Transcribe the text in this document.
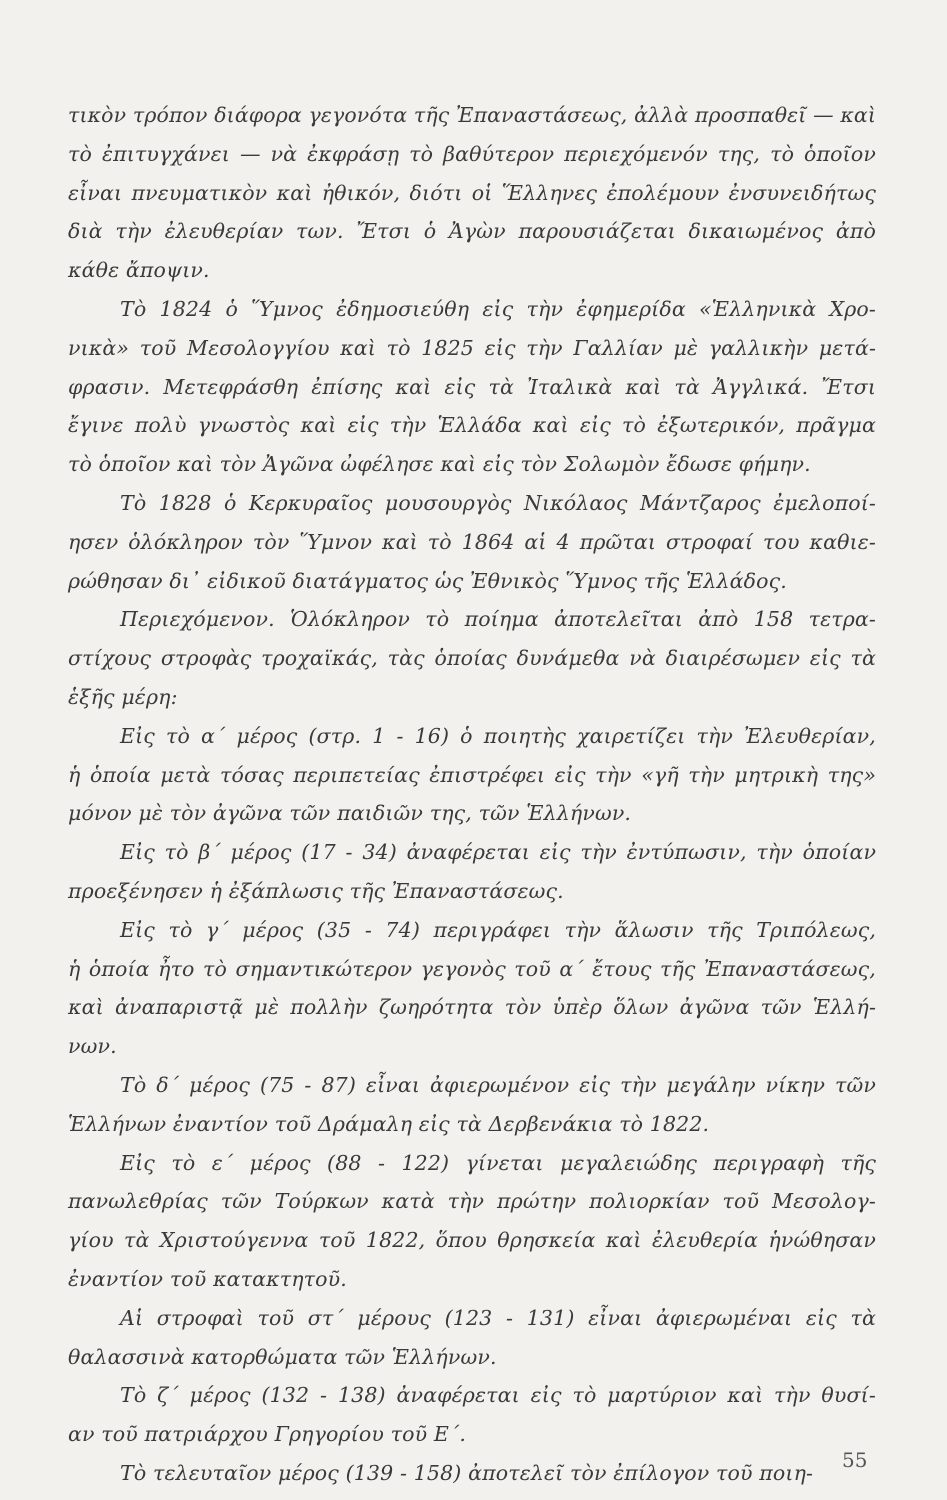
τικὸν τρόπον διάφορα γεγονότα τῆς Ἐπαναστάσεως, ἀλλὰ προσπαθεῖ — καὶ
τὸ ἐπιτυγχάνει — νὰ ἐκφράσῃ τὸ βαθύτερον περιεχόμενόν της, τὸ ὁποῖον
εἶναι πνευματικὸν καὶ ἠθικόν, διότι οἱ Ἕλληνες ἐπολέμουν ἐνσυνειδήτως
διὰ τὴν ἐλευθερίαν των. Ἔτσι ὁ Ἀγὼν παρουσιάζεται δικαιωμένος ἀπὸ
κάθε ἄποψιν.
Τὸ 1824 ὁ Ὕμνος ἐδημοσιεύθη εἰς τὴν ἐφημερίδα «Ἑλληνικὰ Χρο-
νικὰ» τοῦ Μεσολογγίου καὶ τὸ 1825 εἰς τὴν Γαλλίαν μὲ γαλλικὴν μετά-
φρασιν. Μετεφράσθη ἐπίσης καὶ εἰς τὰ Ἰταλικὰ καὶ τὰ Ἀγγλικά. Ἔτσι
ἔγινε πολὺ γνωστὸς καὶ εἰς τὴν Ἑλλάδα καὶ εἰς τὸ ἐξωτερικόν, πρᾶγμα
τὸ ὁποῖον καὶ τὸν Ἀγῶνα ὠφέλησε καὶ εἰς τὸν Σολωμὸν ἔδωσε φήμην.
Τὸ 1828 ὁ Κερκυραῖος μουσουργὸς Νικόλαος Μάντζαρος ἐμελοποί-
ησεν ὁλόκληρον τὸν Ὕμνον καὶ τὸ 1864 αἱ 4 πρῶται στροφαί του καθιε-
ρώθησαν δι᾽ εἰδικοῦ διατάγματος ὡς Ἐθνικὸς Ὕμνος τῆς Ἑλλάδος.
Περιεχόμενον. Ὁλόκληρον τὸ ποίημα ἀποτελεῖται ἀπὸ 158 τετρα-
στίχους στροφὰς τροχαϊκάς, τὰς ὁποίας δυνάμεθα νὰ διαιρέσωμεν εἰς τὰ
ἑξῆς μέρη:
Εἰς τὸ α´ μέρος (στρ. 1 - 16) ὁ ποιητὴς χαιρετίζει τὴν Ἐλευθερίαν,
ἡ ὁποία μετὰ τόσας περιπετείας ἐπιστρέφει εἰς τὴν «γῆ τὴν μητρικὴ της»
μόνον μὲ τὸν ἀγῶνα τῶν παιδιῶν της, τῶν Ἑλλήνων.
Εἰς τὸ β´ μέρος (17 - 34) ἀναφέρεται εἰς τὴν ἐντύπωσιν, τὴν ὁποίαν
προεξένησεν ἡ ἐξάπλωσις τῆς Ἐπαναστάσεως.
Εἰς τὸ γ´ μέρος (35 - 74) περιγράφει τὴν ἅλωσιν τῆς Τριπόλεως,
ἡ ὁποία ἦτο τὸ σημαντικώτερον γεγονὸς τοῦ α´ ἔτους τῆς Ἐπαναστάσεως,
καὶ ἀναπαριστᾷ μὲ πολλὴν ζωηρότητα τὸν ὑπὲρ ὅλων ἀγῶνα τῶν Ἑλλή-
νων.
Τὸ δ´ μέρος (75 - 87) εἶναι ἀφιερωμένον εἰς τὴν μεγάλην νίκην τῶν
Ἑλλήνων ἐναντίον τοῦ Δράμαλη εἰς τὰ Δερβενάκια τὸ 1822.
Εἰς τὸ ε´ μέρος (88 - 122) γίνεται μεγαλειώδης περιγραφὴ τῆς
πανωλεθρίας τῶν Τούρκων κατὰ τὴν πρώτην πολιορκίαν τοῦ Μεσολογ-
γίου τὰ Χριστούγεννα τοῦ 1822, ὅπου θρησκεία καὶ ἐλευθερία ἡνώθησαν
ἐναντίον τοῦ κατακτητοῦ.
Αἱ στροφαὶ τοῦ στ´ μέρους (123 - 131) εἶναι ἀφιερωμέναι εἰς τὰ
θαλασσινὰ κατορθώματα τῶν Ἑλλήνων.
Τὸ ζ´ μέρος (132 - 138) ἀναφέρεται εἰς τὸ μαρτύριον καὶ τὴν θυσί-
αν τοῦ πατριάρχου Γρηγορίου τοῦ Ε´.
Τὸ τελευταῖον μέρος (139 - 158) ἀποτελεῖ τὸν ἐπίλογον τοῦ ποιη-
55
